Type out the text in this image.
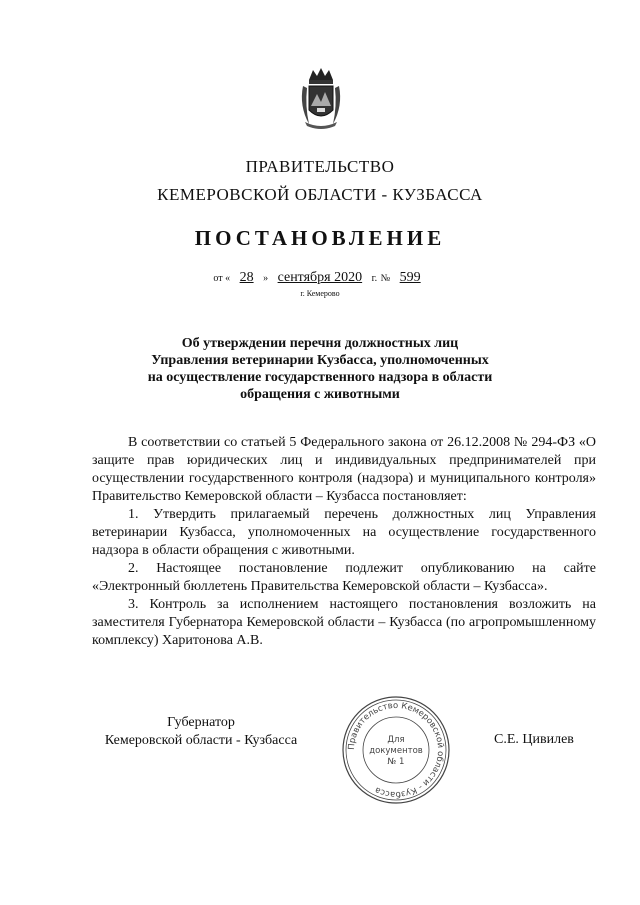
ПРАВИТЕЛЬСТВО
КЕМЕРОВСКОЙ ОБЛАСТИ - КУЗБАССА
ПОСТАНОВЛЕНИЕ
от « 28 » сентября 2020 г. № 599
г. Кемерово
Об утверждении перечня должностных лиц
Управления ветеринарии Кузбасса, уполномоченных
на осуществление государственного надзора в области
обращения с животными

В соответствии со статьей 5 Федерального закона от 26.12.2008 № 294-ФЗ «О защите прав юридических лиц и индивидуальных предпринимателей при осуществлении государственного контроля (надзора) и муниципального контроля» Правительство Кемеровской области – Кузбасса постановляет:

1. Утвердить прилагаемый перечень должностных лиц Управления ветеринарии Кузбасса, уполномоченных на осуществление государственного надзора в области обращения с животными.

2. Настоящее постановление подлежит опубликованию на сайте «Электронный бюллетень Правительства Кемеровской области – Кузбасса».

3. Контроль за исполнением настоящего постановления возложить на заместителя Губернатора Кемеровской области – Кузбасса (по агропромышленному комплексу) Харитонова А.В.

Губернатор
Кемеровской области - Кузбасса	Правительство Кемеровской области - Кузбасса
Для
документов
№ 1
С.Е. Цивилев
